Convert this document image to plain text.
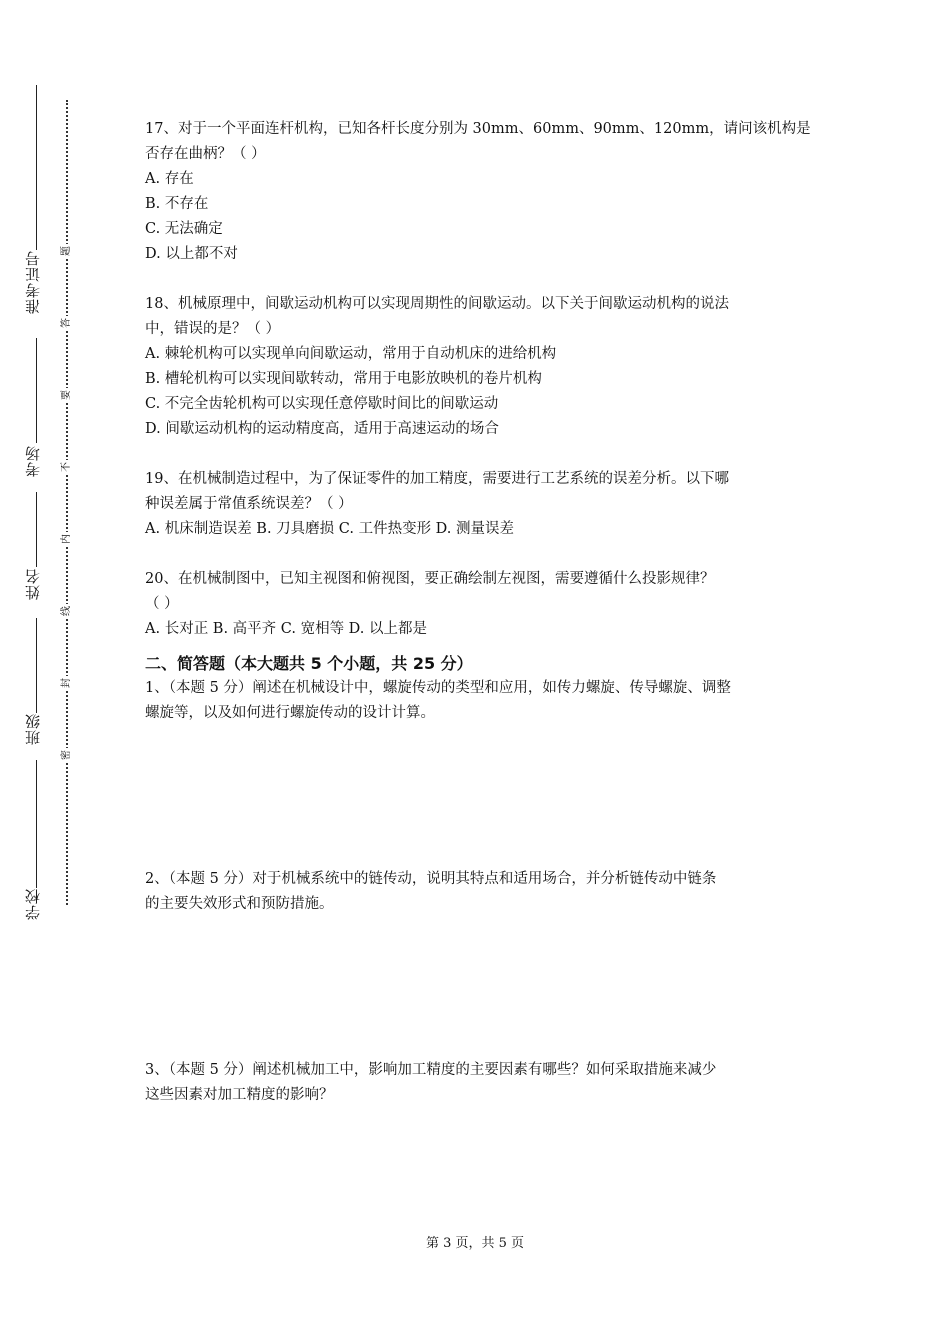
准考证号
考场
姓名
班级
学校
题
答
要
不
内
线
封
密
17、对于一个平面连杆机构，已知各杆长度分别为 30mm、60mm、90mm、120mm，请问该机构是
否存在曲柄？（ ）
A. 存在
B. 不存在
C. 无法确定
D. 以上都不对
18、机械原理中，间歇运动机构可以实现周期性的间歇运动。以下关于间歇运动机构的说法
中，错误的是？（ ）
A. 棘轮机构可以实现单向间歇运动，常用于自动机床的进给机构
B. 槽轮机构可以实现间歇转动，常用于电影放映机的卷片机构
C. 不完全齿轮机构可以实现任意停歇时间比的间歇运动
D. 间歇运动机构的运动精度高，适用于高速运动的场合
19、在机械制造过程中，为了保证零件的加工精度，需要进行工艺系统的误差分析。以下哪
种误差属于常值系统误差？（ ）
A. 机床制造误差 B. 刀具磨损 C. 工件热变形 D. 测量误差
20、在机械制图中，已知主视图和俯视图，要正确绘制左视图，需要遵循什么投影规律？
（ ）
A. 长对正 B. 高平齐 C. 宽相等 D. 以上都是
二、简答题（本大题共 5 个小题，共 25 分）
1、（本题 5 分）阐述在机械设计中，螺旋传动的类型和应用，如传力螺旋、传导螺旋、调整
螺旋等，以及如何进行螺旋传动的设计计算。
2、（本题 5 分）对于机械系统中的链传动，说明其特点和适用场合，并分析链传动中链条
的主要失效形式和预防措施。
3、（本题 5 分）阐述机械加工中，影响加工精度的主要因素有哪些？如何采取措施来减少
这些因素对加工精度的影响？
第 3 页，共 5 页
